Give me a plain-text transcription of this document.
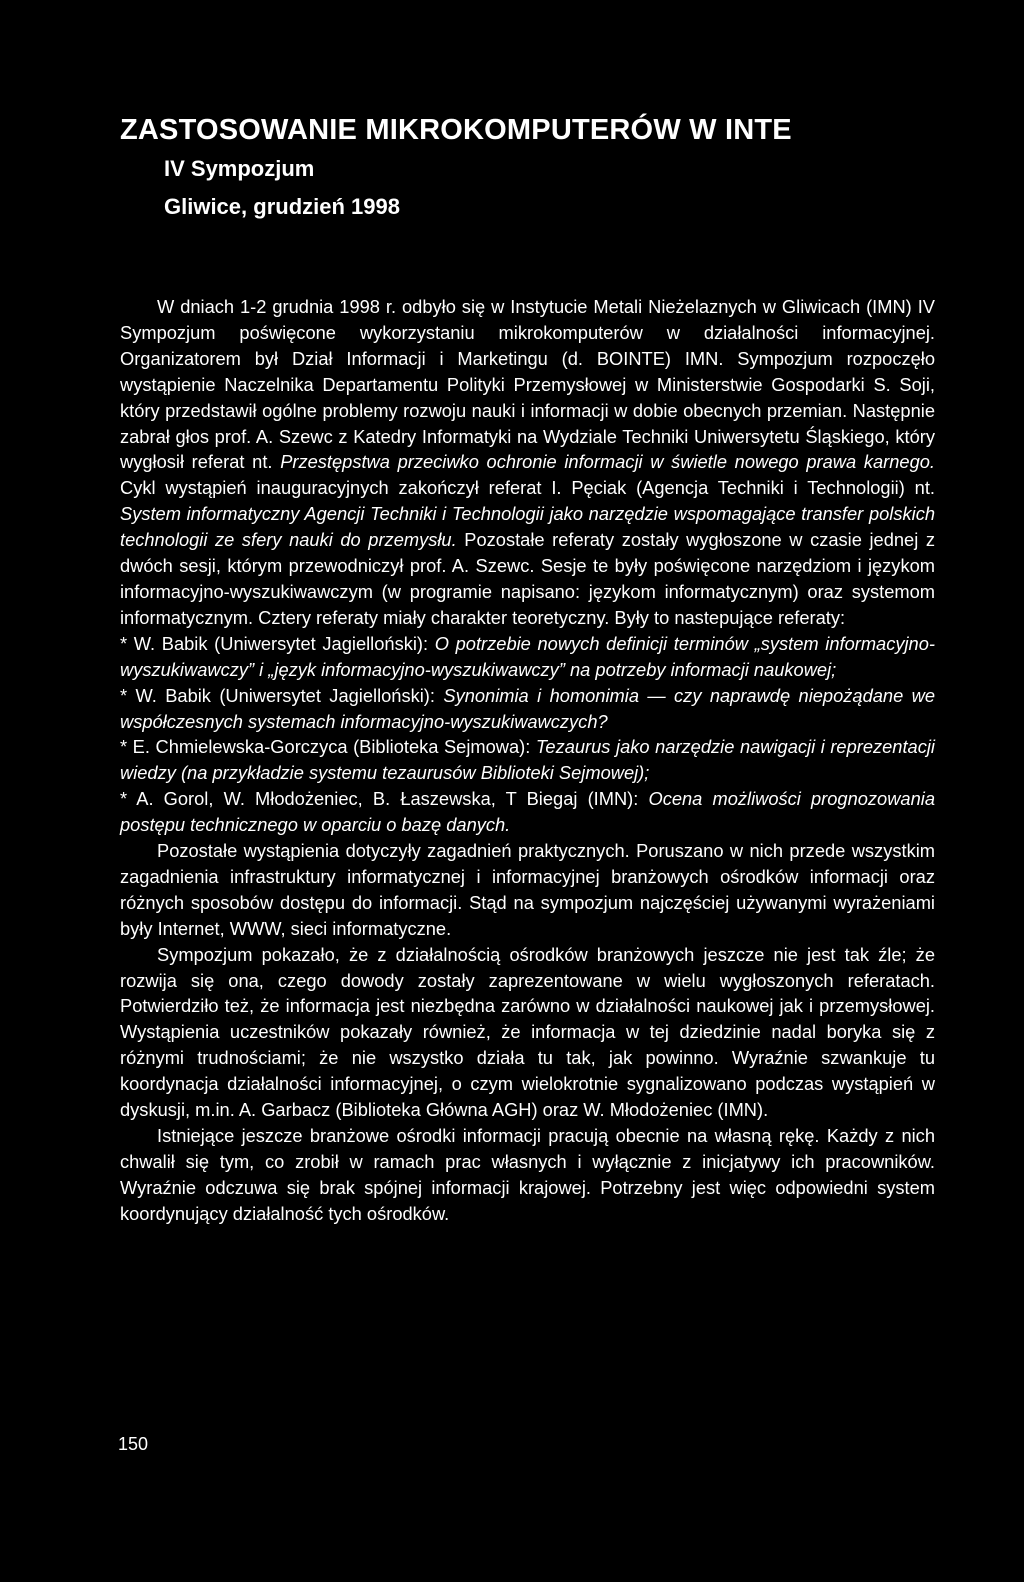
ZASTOSOWANIE MIKROKOMPUTERÓW W INTE
IV Sympozjum
Gliwice, grudzień 1998

W dniach 1-2 grudnia 1998 r. odbyło się w Instytucie Metali Nieżelaznych w Gliwicach (IMN) IV Sympozjum poświęcone wykorzystaniu mikrokomputerów w działalności informacyjnej. Organizatorem był Dział Informacji i Marketingu (d. BOINTE) IMN. Sympozjum rozpoczęło wystąpienie Naczelnika Departamentu Polityki Przemysłowej w Ministerstwie Gospodarki S. Soji, który przedstawił ogólne problemy rozwoju nauki i informacji w dobie obecnych przemian. Następnie zabrał głos prof. A. Szewc z Katedry Informatyki na Wydziale Techniki Uniwersytetu Śląskiego, który wygłosił referat nt. Przestępstwa przeciwko ochronie informacji w świetle nowego prawa karnego. Cykl wystąpień inauguracyjnych zakończył referat I. Pęciak (Agencja Techniki i Technologii) nt. System informatyczny Agencji Techniki i Technologii jako narzędzie wspomagające transfer polskich technologii ze sfery nauki do przemysłu. Pozostałe referaty zostały wygłoszone w czasie jednej z dwóch sesji, którym przewodniczył prof. A. Szewc. Sesje te były poświęcone narzędziom i językom informacyjno-wyszukiwawczym (w programie napisano: językom informatycznym) oraz systemom informatycznym. Cztery referaty miały charakter teoretyczny. Były to nastepujące referaty:

* W. Babik (Uniwersytet Jagielloński): O potrzebie nowych definicji terminów „system informacyjno-wyszukiwawczy” i „język informacyjno-wyszukiwawczy” na potrzeby informacji naukowej;

* W. Babik (Uniwersytet Jagielloński): Synonimia i homonimia — czy naprawdę niepożądane we współczesnych systemach informacyjno-wyszukiwawczych?

* E. Chmielewska-Gorczyca (Biblioteka Sejmowa): Tezaurus jako narzędzie nawigacji i reprezentacji wiedzy (na przykładzie systemu tezaurusów Biblioteki Sejmowej);

* A. Gorol, W. Młodożeniec, B. Łaszewska, T Biegaj (IMN): Ocena możliwości prognozowania postępu technicznego w oparciu o bazę danych.

Pozostałe wystąpienia dotyczyły zagadnień praktycznych. Poruszano w nich przede wszystkim zagadnienia infrastruktury informatycznej i informacyjnej branżowych ośrodków informacji oraz różnych sposobów dostępu do informacji. Stąd na sympozjum najczęściej używanymi wyrażeniami były Internet, WWW, sieci informatyczne.

Sympozjum pokazało, że z działalnością ośrodków branżowych jeszcze nie jest tak źle; że rozwija się ona, czego dowody zostały zaprezentowane w wielu wygłoszonych referatach. Potwierdziło też, że informacja jest niezbędna zarówno w działalności naukowej jak i przemysłowej. Wystąpienia uczestników pokazały również, że informacja w tej dziedzinie nadal boryka się z różnymi trudnościami; że nie wszystko działa tu tak, jak powinno. Wyraźnie szwankuje tu koordynacja działalności informacyjnej, o czym wielokrotnie sygnalizowano podczas wystąpień w dyskusji, m.in. A. Garbacz (Biblioteka Główna AGH) oraz W. Młodożeniec (IMN).

Istniejące jeszcze branżowe ośrodki informacji pracują obecnie na własną rękę. Każdy z nich chwalił się tym, co zrobił w ramach prac własnych i wyłącznie z inicjatywy ich pracowników. Wyraźnie odczuwa się brak spójnej informacji krajowej. Potrzebny jest więc odpowiedni system koordynujący działalność tych ośrodków.

150
